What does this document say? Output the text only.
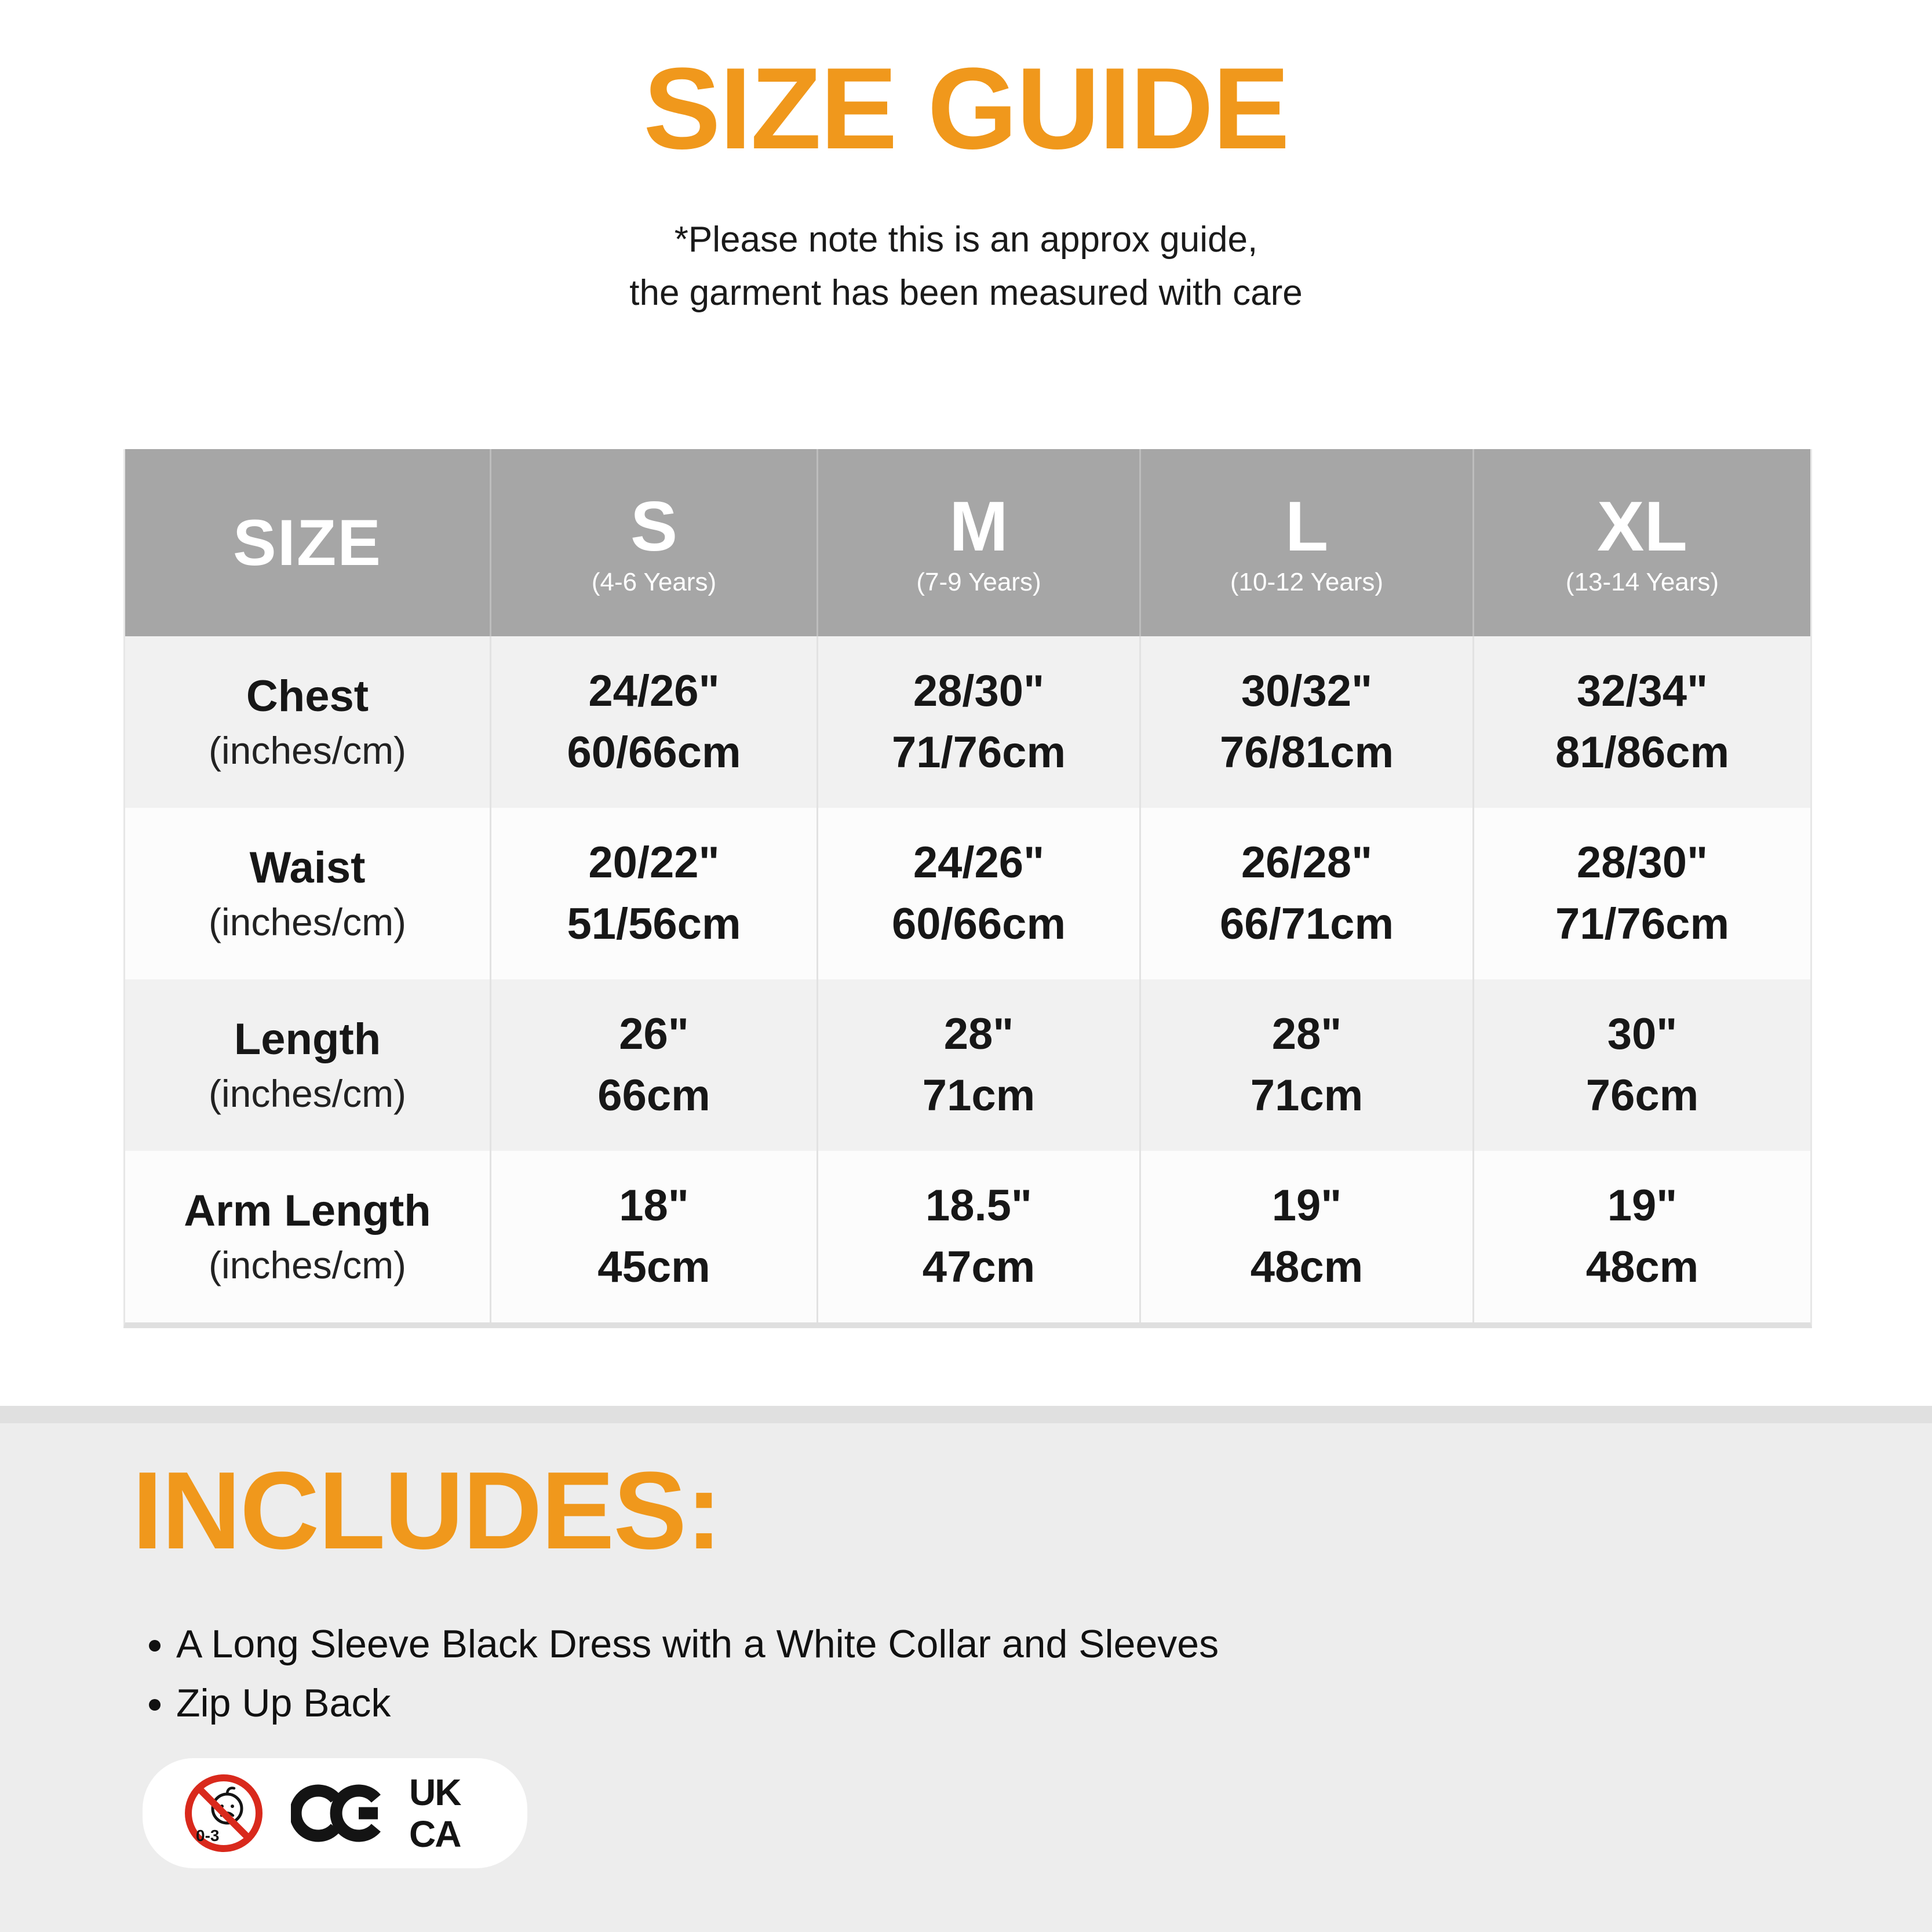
SIZE GUIDE
*Please note this is an approx guide,
the garment has been measured with care
SIZE	S
(4-6 Years)
M
(7-9 Years)
L
(10-12 Years)
XL
(13-14 Years)
Chest
(inches/cm)
24/26"
60/66cm
28/30"
71/76cm
30/32"
76/81cm
32/34"
81/86cm
Waist
(inches/cm)
20/22"
51/56cm
24/26"
60/66cm
26/28"
66/71cm
28/30"
71/76cm
Length
(inches/cm)
26"
66cm
28"
71cm
28"
71cm
30"
76cm
Arm Length
(inches/cm)
18"
45cm
18.5"
47cm
19"
48cm
19"
48cm
INCLUDES:
• A Long Sleeve Black Dress with a White Collar and Sleeves
• Zip Up Back
0-3
UK
CA
